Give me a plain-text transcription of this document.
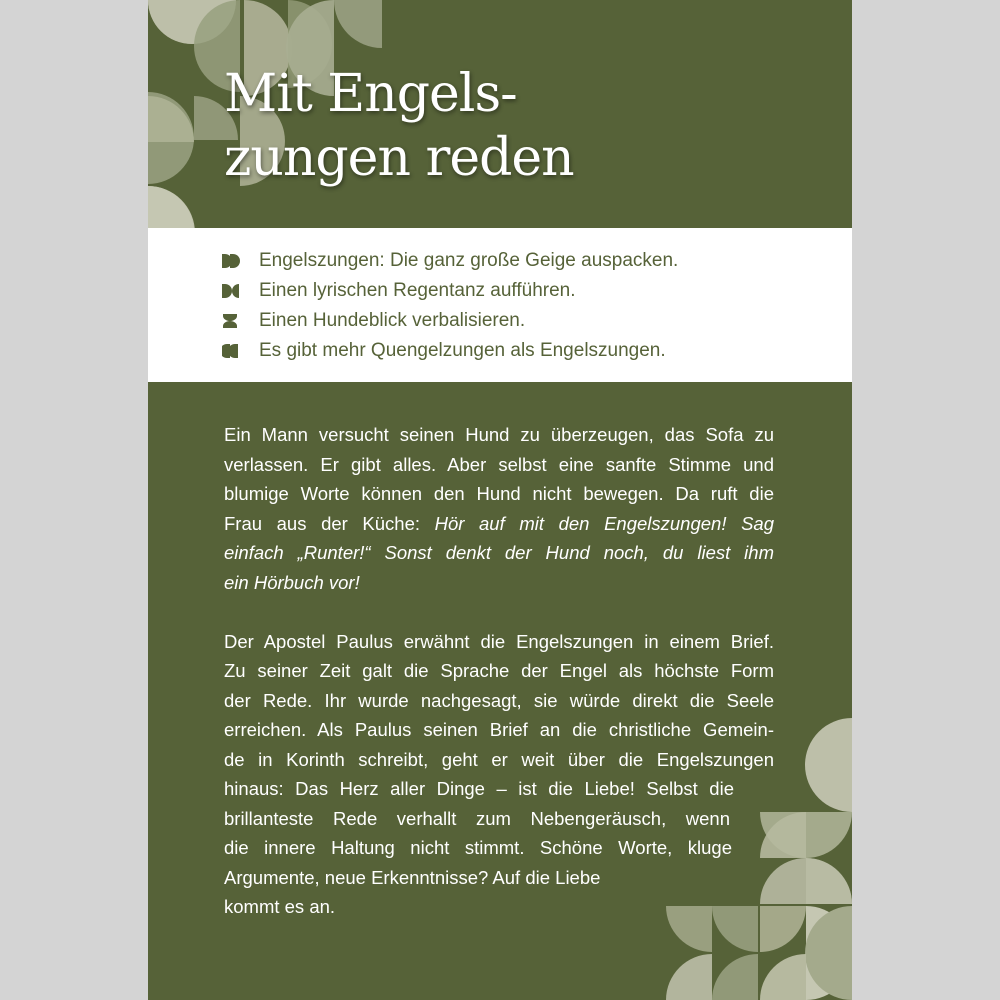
Mit Engels-
zungen reden
Engelszungen: Die ganz große Geige auspacken.
Einen lyrischen Regentanz aufführen.
Einen Hundeblick verbalisieren.
Es gibt mehr Quengelzungen als Engelszungen.

Ein Mann versucht seinen Hund zu überzeugen, das Sofa zu
verlassen. Er gibt alles. Aber selbst eine sanfte Stimme und
blumige Worte können den Hund nicht bewegen. Da ruft die
Frau aus der Küche: Hör auf mit den Engelszungen! Sag
einfach „Runter!“ Sonst denkt der Hund noch, du liest ihm
ein Hörbuch vor!

Der Apostel Paulus erwähnt die Engelszungen in einem Brief.
Zu seiner Zeit galt die Sprache der Engel als höchste Form
der Rede. Ihr wurde nachgesagt, sie würde direkt die Seele
erreichen. Als Paulus seinen Brief an die christliche Gemein-
de in Korinth schreibt, geht er weit über die Engelszungen
hinaus: Das Herz aller Dinge – ist die Liebe! Selbst die
brillanteste Rede verhallt zum Nebengeräusch, wenn
die innere Haltung nicht stimmt. Schöne Worte, kluge
Argumente, neue Erkenntnisse? Auf die Liebe
kommt es an.
